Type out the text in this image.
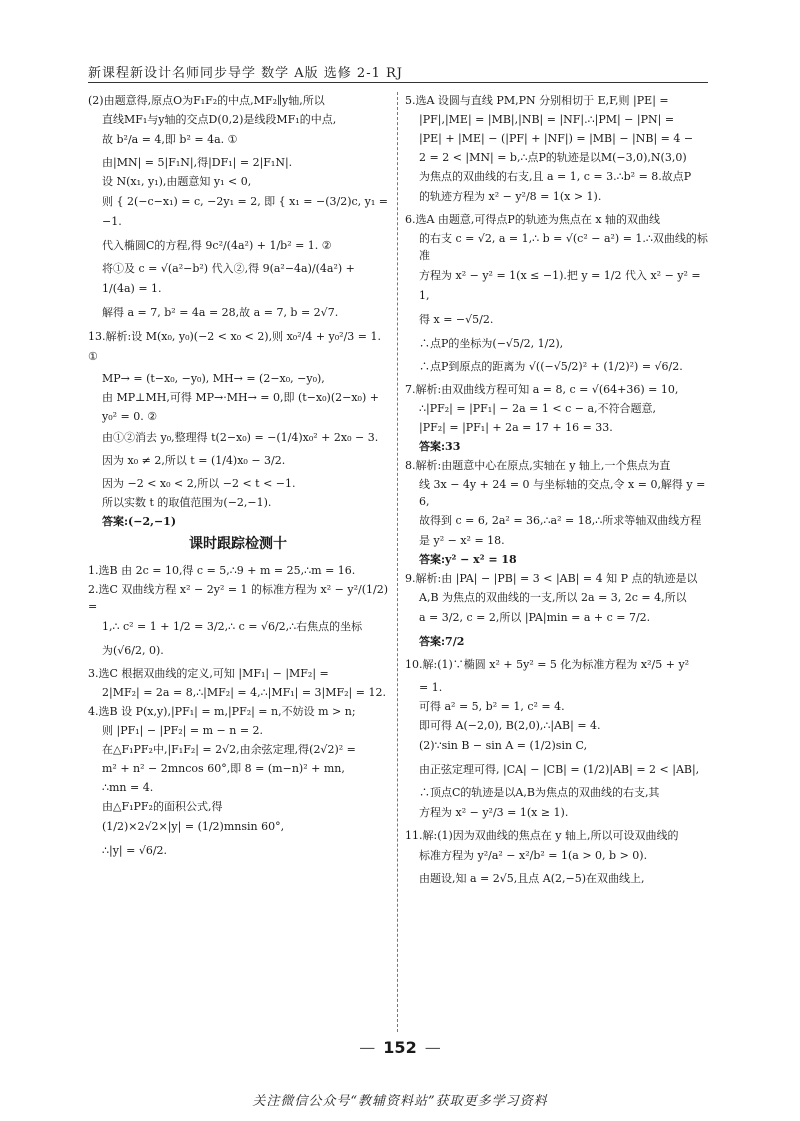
新课程新设计名师同步导学 数学 A版 选修 2-1 RJ

(2)由题意得,原点O为F₁F₂的中点,MF₂∥y轴,所以

直线MF₁与y轴的交点D(0,2)是线段MF₁的中点,

故 b²/a = 4,即 b² = 4a. ①

由|MN| = 5|F₁N|,得|DF₁| = 2|F₁N|.

设 N(x₁, y₁),由题意知 y₁ < 0,

则 { 2(−c−x₁) = c, −2y₁ = 2, 即 { x₁ = −(3/2)c, y₁ = −1.

代入椭圆C的方程,得 9c²/(4a²) + 1/b² = 1. ②

将①及 c = √(a²−b²) 代入②,得 9(a²−4a)/(4a²) + 1/(4a) = 1.

解得 a = 7, b² = 4a = 28,故 a = 7, b = 2√7.

13.解析:设 M(x₀, y₀)(−2 < x₀ < 2),则 x₀²/4 + y₀²/3 = 1. ①

MP→ = (t−x₀, −y₀), MH→ = (2−x₀, −y₀),

由 MP⊥MH,可得 MP→·MH→ = 0,即 (t−x₀)(2−x₀) +

y₀² = 0. ②

由①②消去 y₀,整理得 t(2−x₀) = −(1/4)x₀² + 2x₀ − 3.

因为 x₀ ≠ 2,所以 t = (1/4)x₀ − 3/2.

因为 −2 < x₀ < 2,所以 −2 < t < −1.

所以实数 t 的取值范围为(−2,−1).

答案:(−2,−1)

课时跟踪检测十

1.选B 由 2c = 10,得 c = 5,∴9 + m = 25,∴m = 16.

2.选C 双曲线方程 x² − 2y² = 1 的标准方程为 x² − y²/(1/2) =

1,∴ c² = 1 + 1/2 = 3/2,∴ c = √6/2,∴右焦点的坐标

为(√6/2, 0).

3.选C 根据双曲线的定义,可知 |MF₁| − |MF₂| =

2|MF₂| = 2a = 8,∴|MF₂| = 4,∴|MF₁| = 3|MF₂| = 12.

4.选B 设 P(x,y),|PF₁| = m,|PF₂| = n,不妨设 m > n;

则 |PF₁| − |PF₂| = m − n = 2.

在△F₁PF₂中,|F₁F₂| = 2√2,由余弦定理,得(2√2)² =

m² + n² − 2mncos 60°,即 8 = (m−n)² + mn,

∴mn = 4.

由△F₁PF₂的面积公式,得

(1/2)×2√2×|y| = (1/2)mnsin 60°,

∴|y| = √6/2.

5.选A 设圆与直线 PM,PN 分别相切于 E,F,则 |PE| =

|PF|,|ME| = |MB|,|NB| = |NF|.∴|PM| − |PN| =

|PE| + |ME| − (|PF| + |NF|) = |MB| − |NB| = 4 −

2 = 2 < |MN| = b,∴点P的轨迹是以M(−3,0),N(3,0)

为焦点的双曲线的右支,且 a = 1, c = 3.∴b² = 8.故点P

的轨迹方程为 x² − y²/8 = 1(x > 1).

6.选A 由题意,可得点P的轨迹为焦点在 x 轴的双曲线

的右支 c = √2, a = 1,∴ b = √(c² − a²) = 1.∴双曲线的标准

方程为 x² − y² = 1(x ≤ −1).把 y = 1/2 代入 x² − y² = 1,

得 x = −√5/2.

∴点P的坐标为(−√5/2, 1/2),

∴点P到原点的距离为 √((−√5/2)² + (1/2)²) = √6/2.

7.解析:由双曲线方程可知 a = 8, c = √(64+36) = 10,

∴|PF₂| = |PF₁| − 2a = 1 < c − a,不符合题意,

|PF₂| = |PF₁| + 2a = 17 + 16 = 33.

答案:33

8.解析:由题意中心在原点,实轴在 y 轴上,一个焦点为直

线 3x − 4y + 24 = 0 与坐标轴的交点,令 x = 0,解得 y = 6,

故得到 c = 6, 2a² = 36,∴a² = 18,∴所求等轴双曲线方程

是 y² − x² = 18.

答案:y² − x² = 18

9.解析:由 |PA| − |PB| = 3 < |AB| = 4 知 P 点的轨迹是以

A,B 为焦点的双曲线的一支,所以 2a = 3, 2c = 4,所以

a = 3/2, c = 2,所以 |PA|min = a + c = 7/2.

答案:7/2

10.解:(1)∵椭圆 x² + 5y² = 5 化为标准方程为 x²/5 + y²

= 1.

可得 a² = 5, b² = 1, c² = 4.

即可得 A(−2,0), B(2,0),∴|AB| = 4.

(2)∵sin B − sin A = (1/2)sin C,

由正弦定理可得, |CA| − |CB| = (1/2)|AB| = 2 < |AB|,

∴顶点C的轨迹是以A,B为焦点的双曲线的右支,其

方程为 x² − y²/3 = 1(x ≥ 1).

11.解:(1)因为双曲线的焦点在 y 轴上,所以可设双曲线的

标准方程为 y²/a² − x²/b² = 1(a > 0, b > 0).

由题设,知 a = 2√5,且点 A(2,−5)在双曲线上,

— 152 —
关注微信公众号“教辅资料站”获取更多学习资料
